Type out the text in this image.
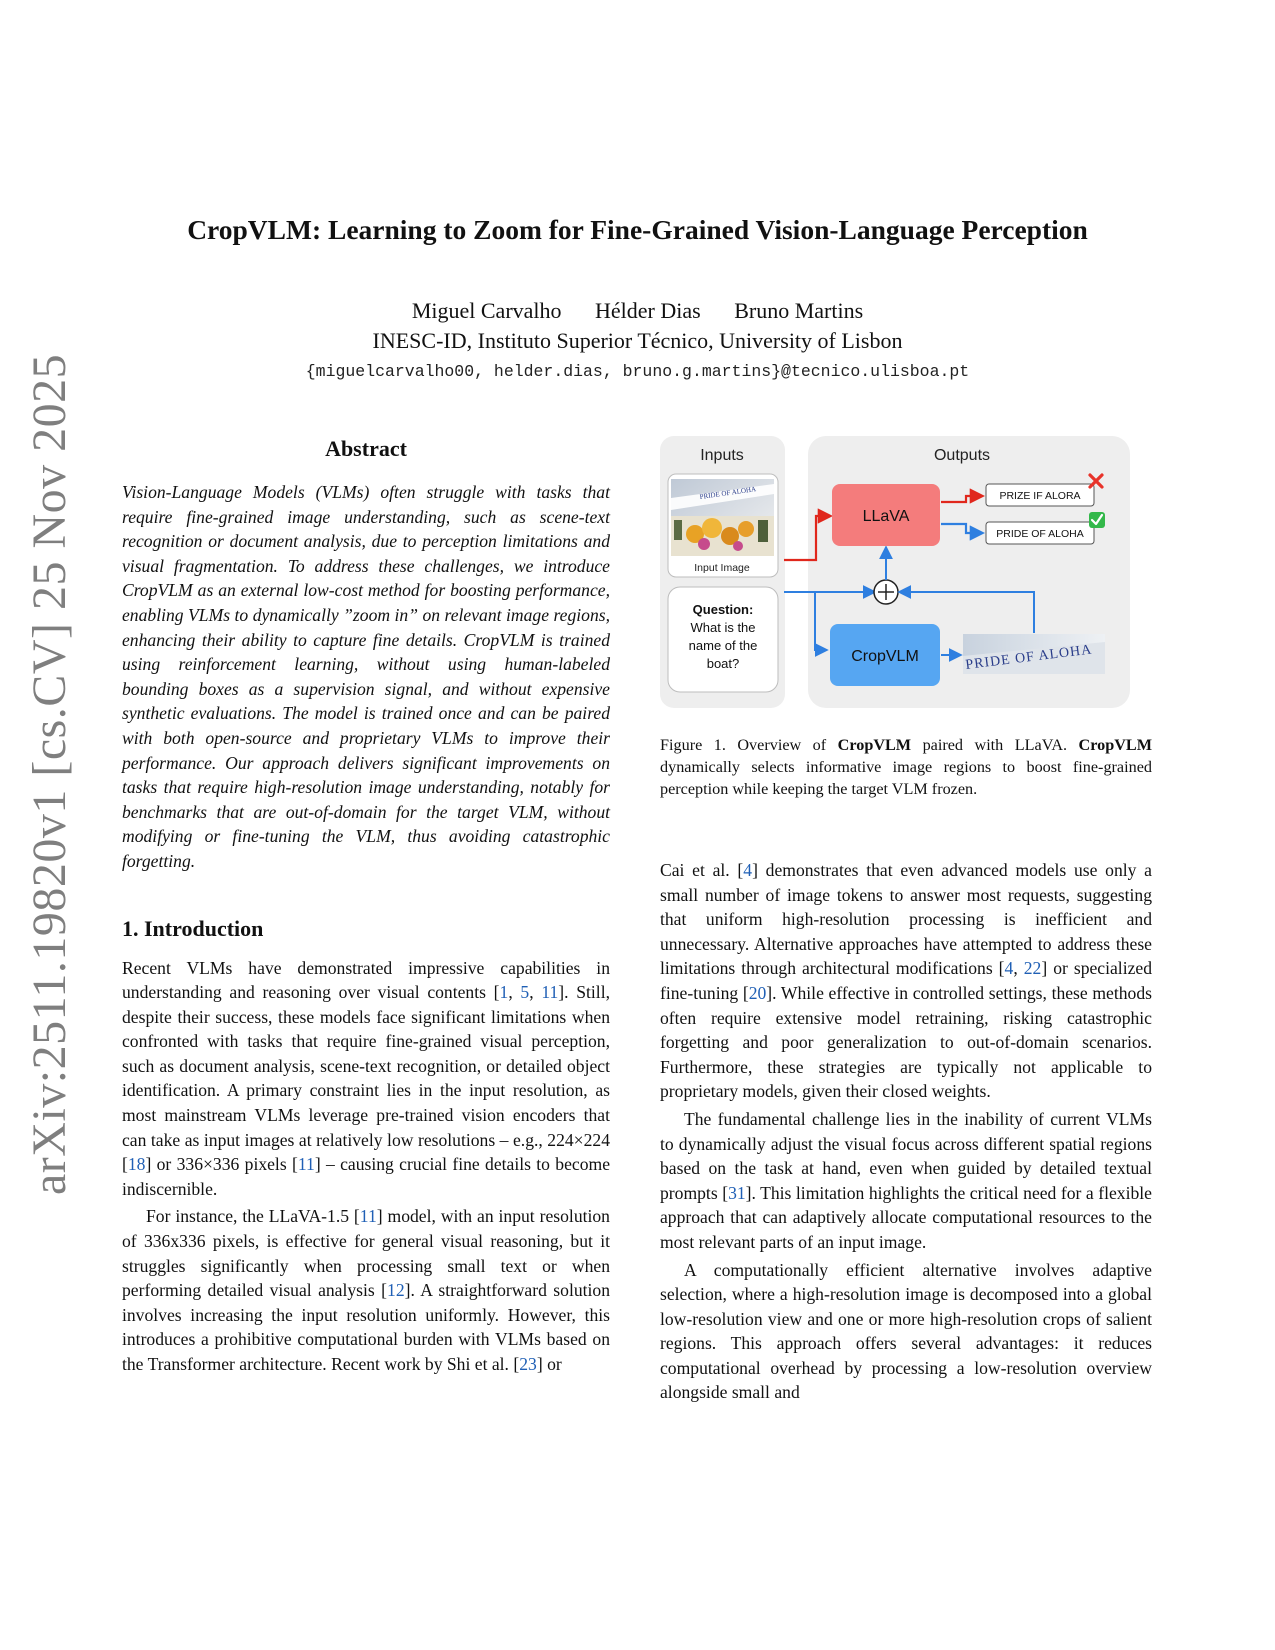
arXiv:2511.19820v1 [cs.CV] 25 Nov 2025
CropVLM: Learning to Zoom for Fine-Grained Vision-Language Perception
Miguel Carvalho Hélder Dias Bruno Martins
INESC-ID, Instituto Superior Técnico, University of Lisbon
{miguelcarvalho00, helder.dias, bruno.g.martins}@tecnico.ulisboa.pt
Abstract

Vision-Language Models (VLMs) often struggle with tasks that require fine-grained image understanding, such as scene-text recognition or document analysis, due to perception limitations and visual fragmentation. To address these challenges, we introduce CropVLM as an external low-cost method for boosting performance, enabling VLMs to dynamically ”zoom in” on relevant image regions, enhancing their ability to capture fine details. CropVLM is trained using reinforcement learning, without using human-labeled bounding boxes as a supervision signal, and without expensive synthetic evaluations. The model is trained once and can be paired with both open-source and proprietary VLMs to improve their performance. Our approach delivers significant improvements on tasks that require high-resolution image understanding, notably for benchmarks that are out-of-domain for the target VLM, without modifying or fine-tuning the VLM, thus avoiding catastrophic forgetting.

1. Introduction

Recent VLMs have demonstrated impressive capabilities in understanding and reasoning over visual contents [1, 5, 11]. Still, despite their success, these models face significant limitations when confronted with tasks that require fine-grained visual perception, such as document analysis, scene-text recognition, or detailed object identification. A primary constraint lies in the input resolution, as most mainstream VLMs leverage pre-trained vision encoders that can take as input images at relatively low resolutions – e.g., 224×224 [18] or 336×336 pixels [11] – causing crucial fine details to become indiscernible.

For instance, the LLaVA-1.5 [11] model, with an input resolution of 336x336 pixels, is effective for general visual reasoning, but it struggles significantly when processing small text or when performing detailed visual analysis [12]. A straightforward solution involves increasing the input resolution uniformly. However, this introduces a prohibitive computational burden with VLMs based on the Transformer architecture. Recent work by Shi et al. [23] or

Inputs	Outputs
PRIDE OF ALOHA
Input Image
Question:
What is the
name of the
boat?
LLaVA
CropVLM	PRIDE OF ALOHA
PRIZE IF ALORA
PRIDE OF ALOHA

Figure 1. Overview of CropVLM paired with LLaVA. CropVLM dynamically selects informative image regions to boost fine-grained perception while keeping the target VLM frozen.

Cai et al. [4] demonstrates that even advanced models use only a small number of image tokens to answer most requests, suggesting that uniform high-resolution processing is inefficient and unnecessary. Alternative approaches have attempted to address these limitations through architectural modifications [4, 22] or specialized fine-tuning [20]. While effective in controlled settings, these methods often require extensive model retraining, risking catastrophic forgetting and poor generalization to out-of-domain scenarios. Furthermore, these strategies are typically not applicable to proprietary models, given their closed weights.

The fundamental challenge lies in the inability of current VLMs to dynamically adjust the visual focus across different spatial regions based on the task at hand, even when guided by detailed textual prompts [31]. This limitation highlights the critical need for a flexible approach that can adaptively allocate computational resources to the most relevant parts of an input image.

A computationally efficient alternative involves adaptive selection, where a high-resolution image is decomposed into a global low-resolution view and one or more high-resolution crops of salient regions. This approach offers several advantages: it reduces computational overhead by processing a low-resolution overview alongside small and
